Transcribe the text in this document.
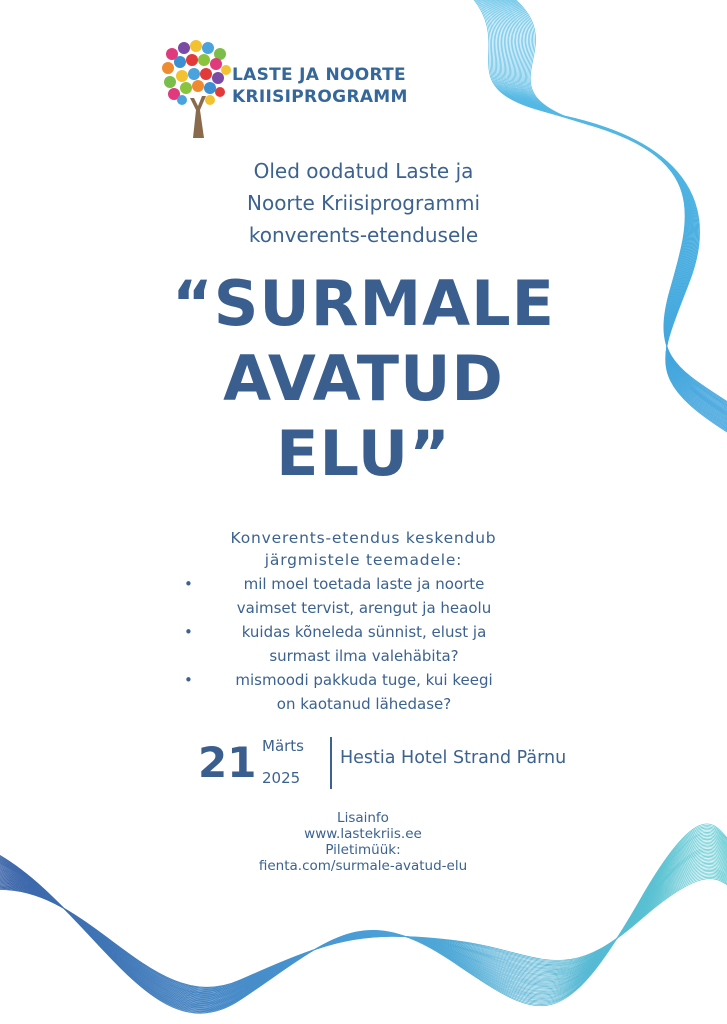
LASTE JA NOORTE
KRIISIPROGRAMM
Oled oodatud Laste ja
Noorte Kriisiprogrammi
konverents-etendusele
“SURMALE
AVATUD
ELU”
Konverents-etendus keskendub
järgmistele teemadele:
• mil moel toetada laste ja noorte
vaimset tervist, arengut ja heaolu
• kuidas kõneleda sünnist, elust ja
surmast ilma valehäbita?
• mismoodi pakkuda tuge, kui keegi
on kaotanud lähedase?
21 Märts
2025
Hestia Hotel Strand Pärnu
Lisainfo
www.lastekriis.ee
Piletimüük:
fienta.com/surmale-avatud-elu
